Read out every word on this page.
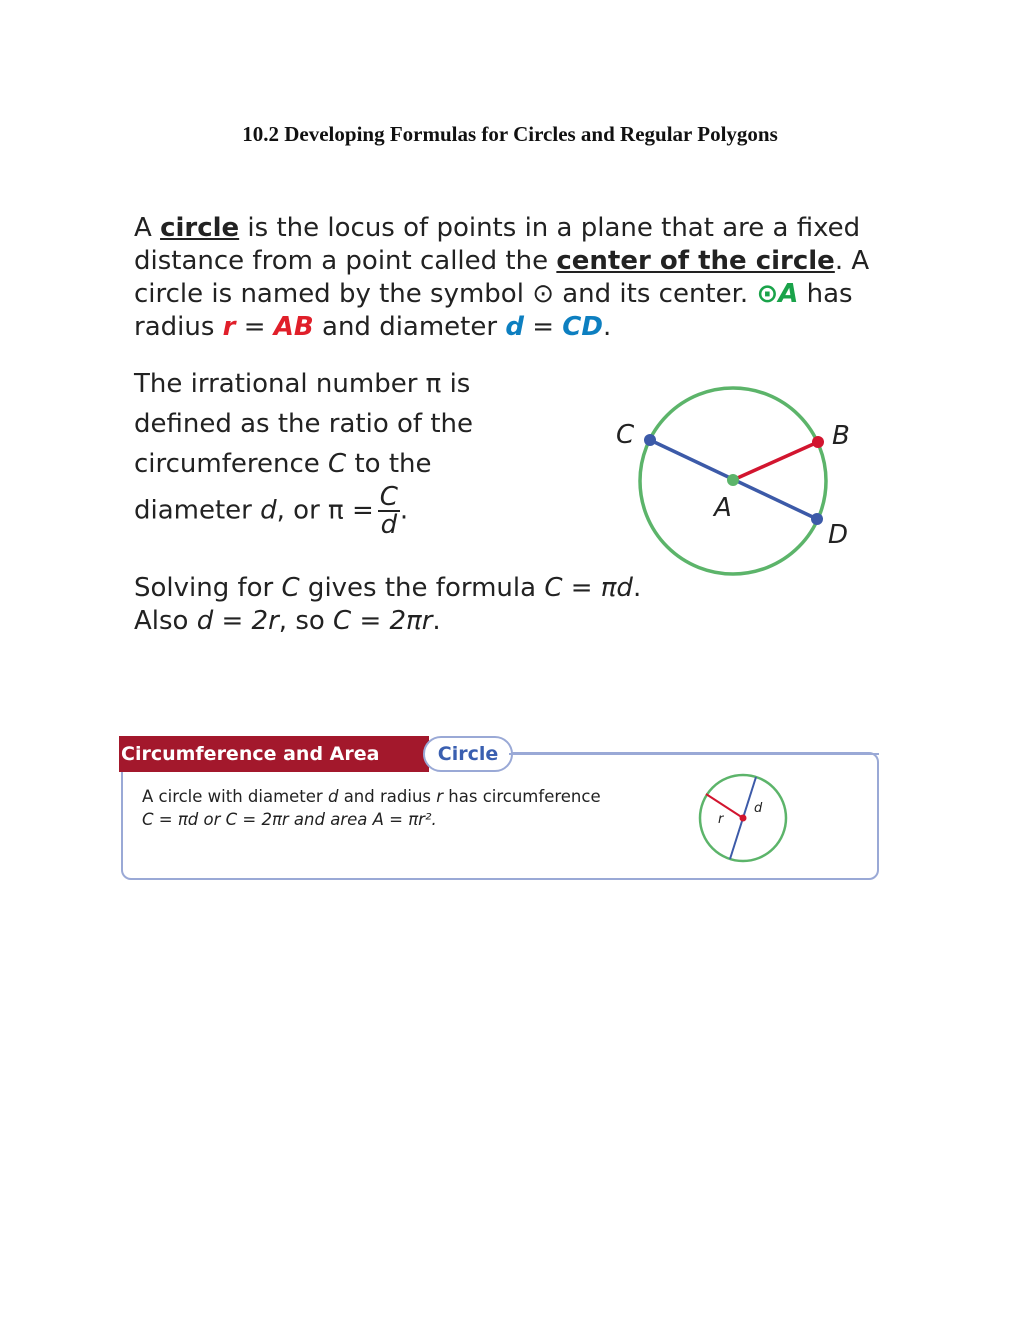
10.2 Developing Formulas for Circles and Regular Polygons
A circle is the locus of points in a plane that are a fixed distance from a point called the center of the circle. A circle is named by the symbol ⊙ and its center. ⊙A has radius r = AB and diameter d = CD.
The irrational number π is defined as the ratio of the circumference C to the diameter d, or $\pi = \frac{C}{d}$ .
C	B
A
D
Solving for C gives the formula C = πd. Also d = 2r, so C = 2πr.
Circumference and Area	Circle
A circle with diameter d and radius r has circumference
C = πd or C = 2πr and area A = πr².	r
d
